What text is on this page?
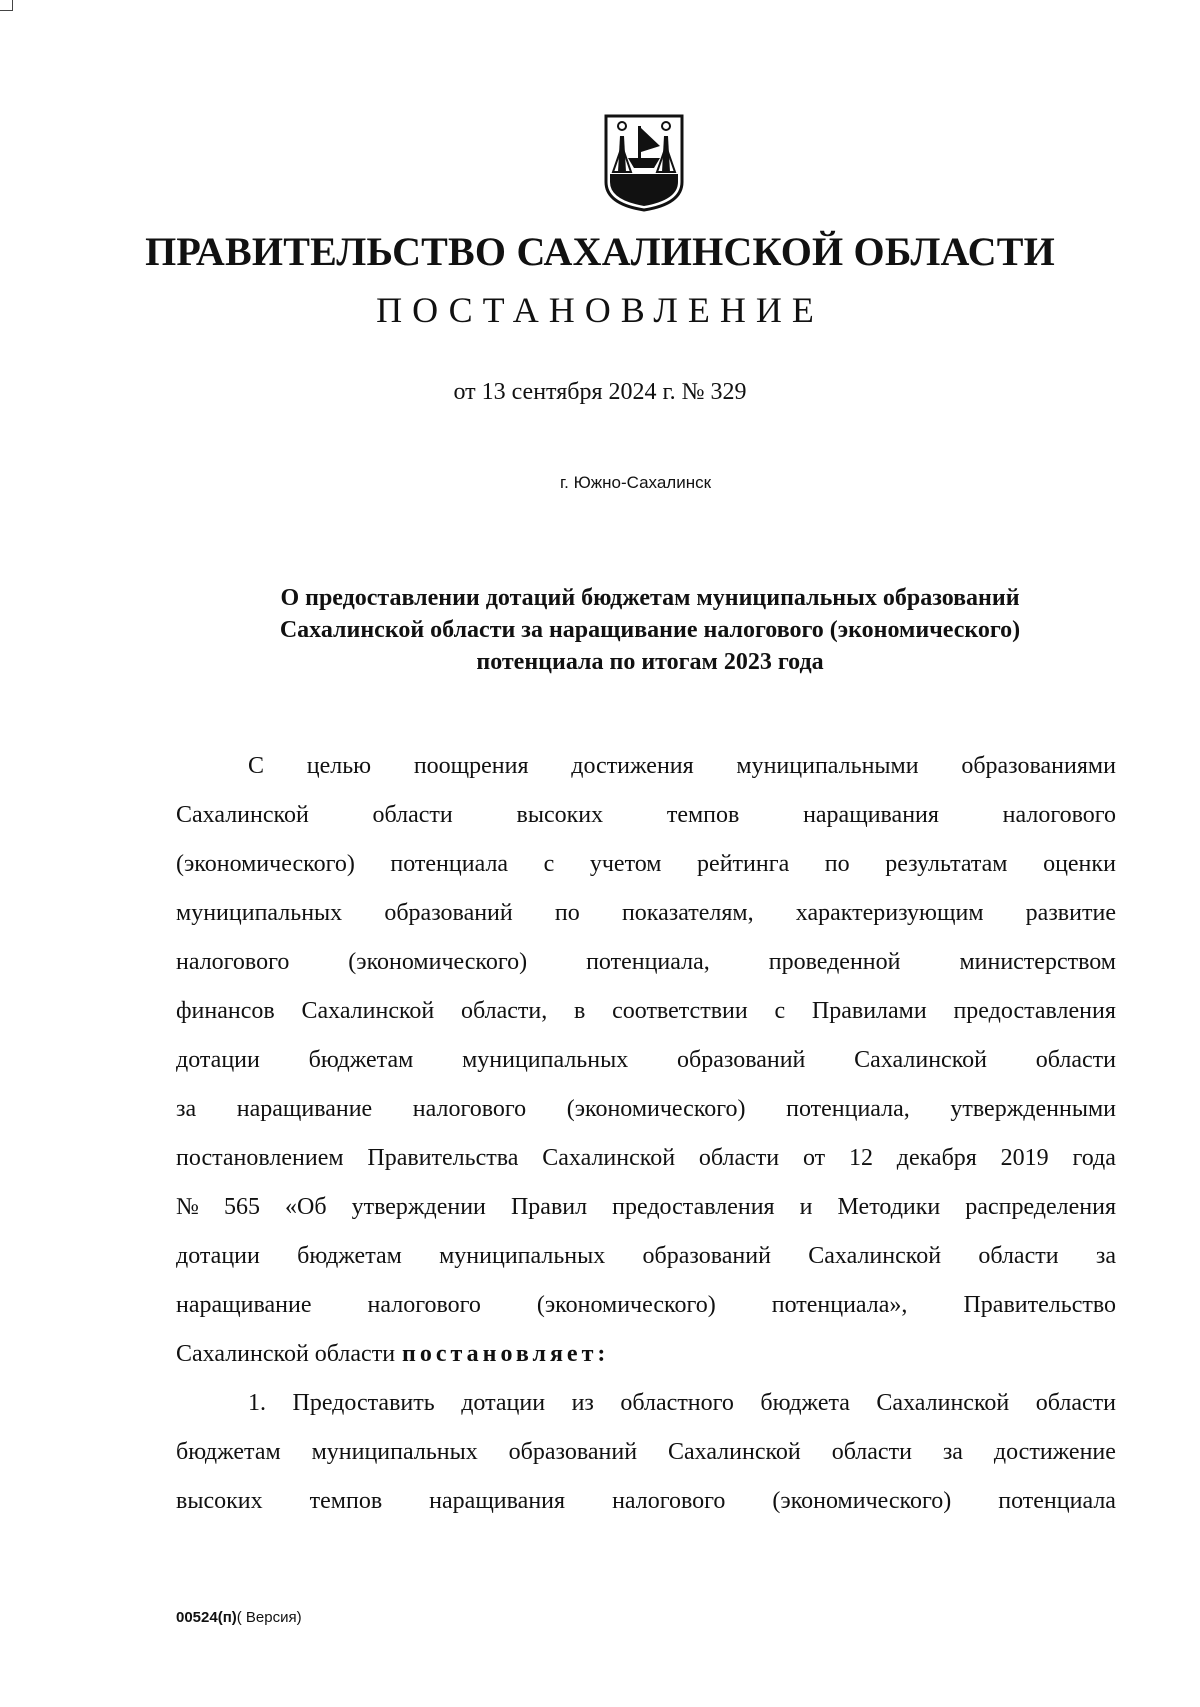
ПРАВИТЕЛЬСТВО САХАЛИНСКОЙ ОБЛАСТИ
ПОСТАНОВЛЕНИЕ
от 13 сентября 2024 г. № 329
г. Южно-Сахалинск
О предоставлении дотаций бюджетам муниципальных образований
Сахалинской области за наращивание налогового (экономического)
потенциала по итогам 2023 года
С целью поощрения достижения муниципальными образованиями
Сахалинской	области	высоких	темпов	наращивания	налогового
(экономического) потенциала с учетом рейтинга по результатам оценки
муниципальных образований по показателям, характеризующим развитие
налогового (экономического) потенциала, проведенной министерством
финансов Сахалинской области, в соответствии с Правилами предоставления
дотации бюджетам муниципальных образований Сахалинской области
за наращивание налогового (экономического) потенциала, утвержденными
постановлением Правительства Сахалинской области от 12 декабря 2019 года
№ 565 «Об утверждении Правил предоставления и Методики распределения
дотации бюджетам муниципальных образований Сахалинской области за
наращивание налогового (экономического) потенциала», Правительство
Сахалинской области постановляет:
1. Предоставить дотации из областного бюджета Сахалинской области
бюджетам муниципальных образований Сахалинской области за достижение
высоких темпов наращивания налогового (экономического) потенциала
00524(п)( Версия)
